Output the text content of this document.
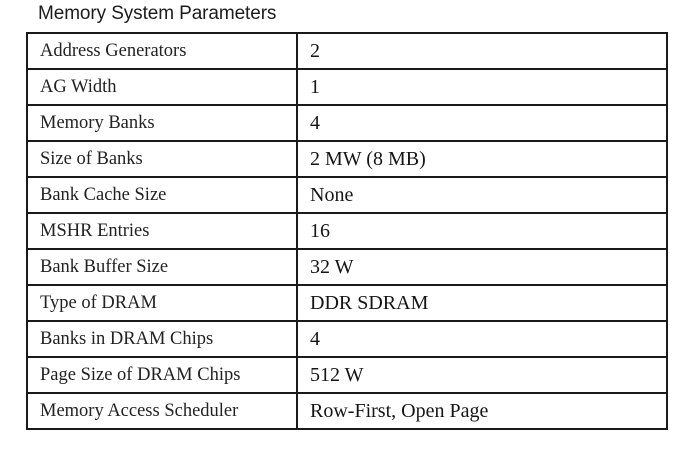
Memory System Parameters
Address Generators	2
AG Width	1
Memory Banks	4
Size of Banks	2 MW (8 MB)
Bank Cache Size	None
MSHR Entries	16
Bank Buffer Size	32 W
Type of DRAM	DDR SDRAM
Banks in DRAM Chips	4
Page Size of DRAM Chips	512 W
Memory Access Scheduler	Row-First, Open Page
